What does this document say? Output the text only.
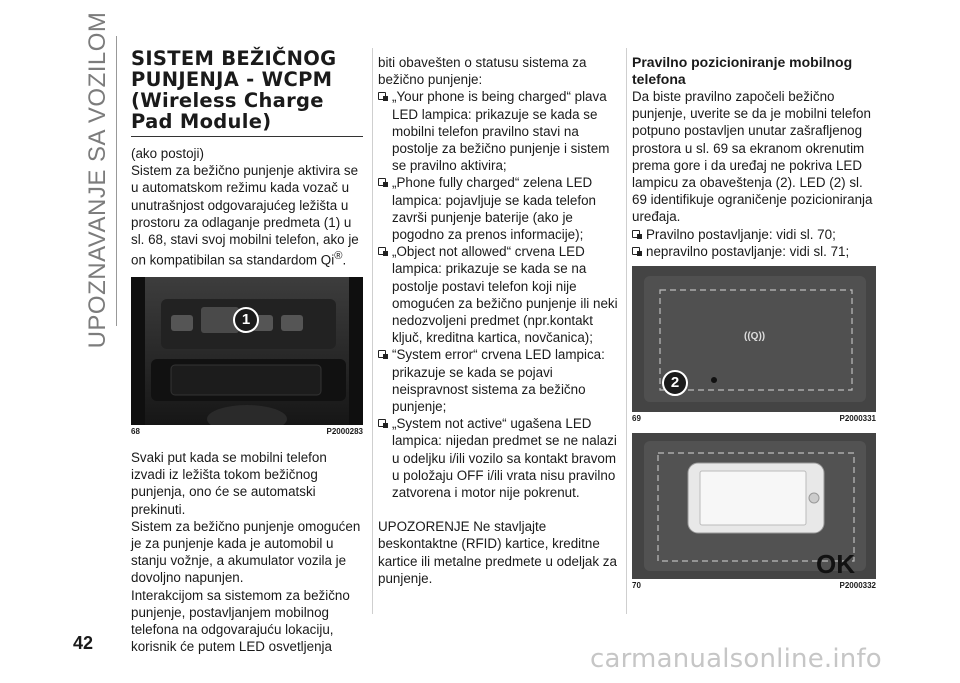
UPOZNAVANJE SA VOZILOM
42
SISTEM BEŽIČNOG
PUNJENJA - WCPM
(Wireless Charge
Pad Module)

(ako postoji)

Sistem za bežično punjenje aktivira se u automatskom režimu kada vozač u unutrašnjost odgovarajućeg ležišta u prostoru za odlaganje predmeta (1) u sl. 68, stavi svoj mobilni telefon, ako je on kompatibilan sa standardom Qi®.

1
68	P2000283

Svaki put kada se mobilni telefon izvadi iz ležišta tokom bežičnog punjenja, ono će se automatski prekinuti.

Sistem za bežično punjenje omogućen je za punjenje kada je automobil u stanju vožnje, a akumulator vozila je dovoljno napunjen.

Interakcijom sa sistemom za bežično punjenje, postavljanjem mobilnog telefona na odgovarajuću lokaciju, korisnik će putem LED osvetljenja

biti obavešten o statusu sistema za bežično punjenje:

„Your phone is being charged“ plava LED lampica: prikazuje se kada se mobilni telefon pravilno stavi na postolje za bežično punjenje i sistem se pravilno aktivira;

„Phone fully charged“ zelena LED lampica: pojavljuje se kada telefon završi punjenje baterije (ako je pogodno za prenos informacije);

„Object not allowed“ crvena LED lampica: prikazuje se kada se na postolje postavi telefon koji nije omogućen za bežično punjenje ili neki nedozvoljeni predmet (npr.kontakt ključ, kreditna kartica, novčanica);

“System error“ crvena LED lampica: prikazuje se kada se pojavi neispravnost sistema za bežično punjenje;

„System not active“ ugašena LED lampica: nijedan predmet se ne nalazi u odeljku i/ili vozilo sa kontakt bravom u položaju OFF i/ili vrata nisu pravilno zatvorena i motor nije pokrenut.

UPOZORENJE Ne stavljajte beskontaktne (RFID) kartice, kreditne kartice ili metalne predmete u odeljak za punjenje.

Pravilno pozicioniranje mobilnog telefona

Da biste pravilno započeli bežično punjenje, uverite se da je mobilni telefon potpuno postavljen unutar zašrafljenog prostora u sl. 69 sa ekranom okrenutim prema gore i da uređaj ne pokriva LED lampicu za obaveštenja (2). LED (2) sl. 69 identifikuje ograničenje pozicioniranja uređaja.

Pravilno postavljanje: vidi sl. 70;

nepravilno postavljanje: vidi sl. 71;

((Q))
2
69	P2000331
OK
70	P2000332
carmanualsonline.info
